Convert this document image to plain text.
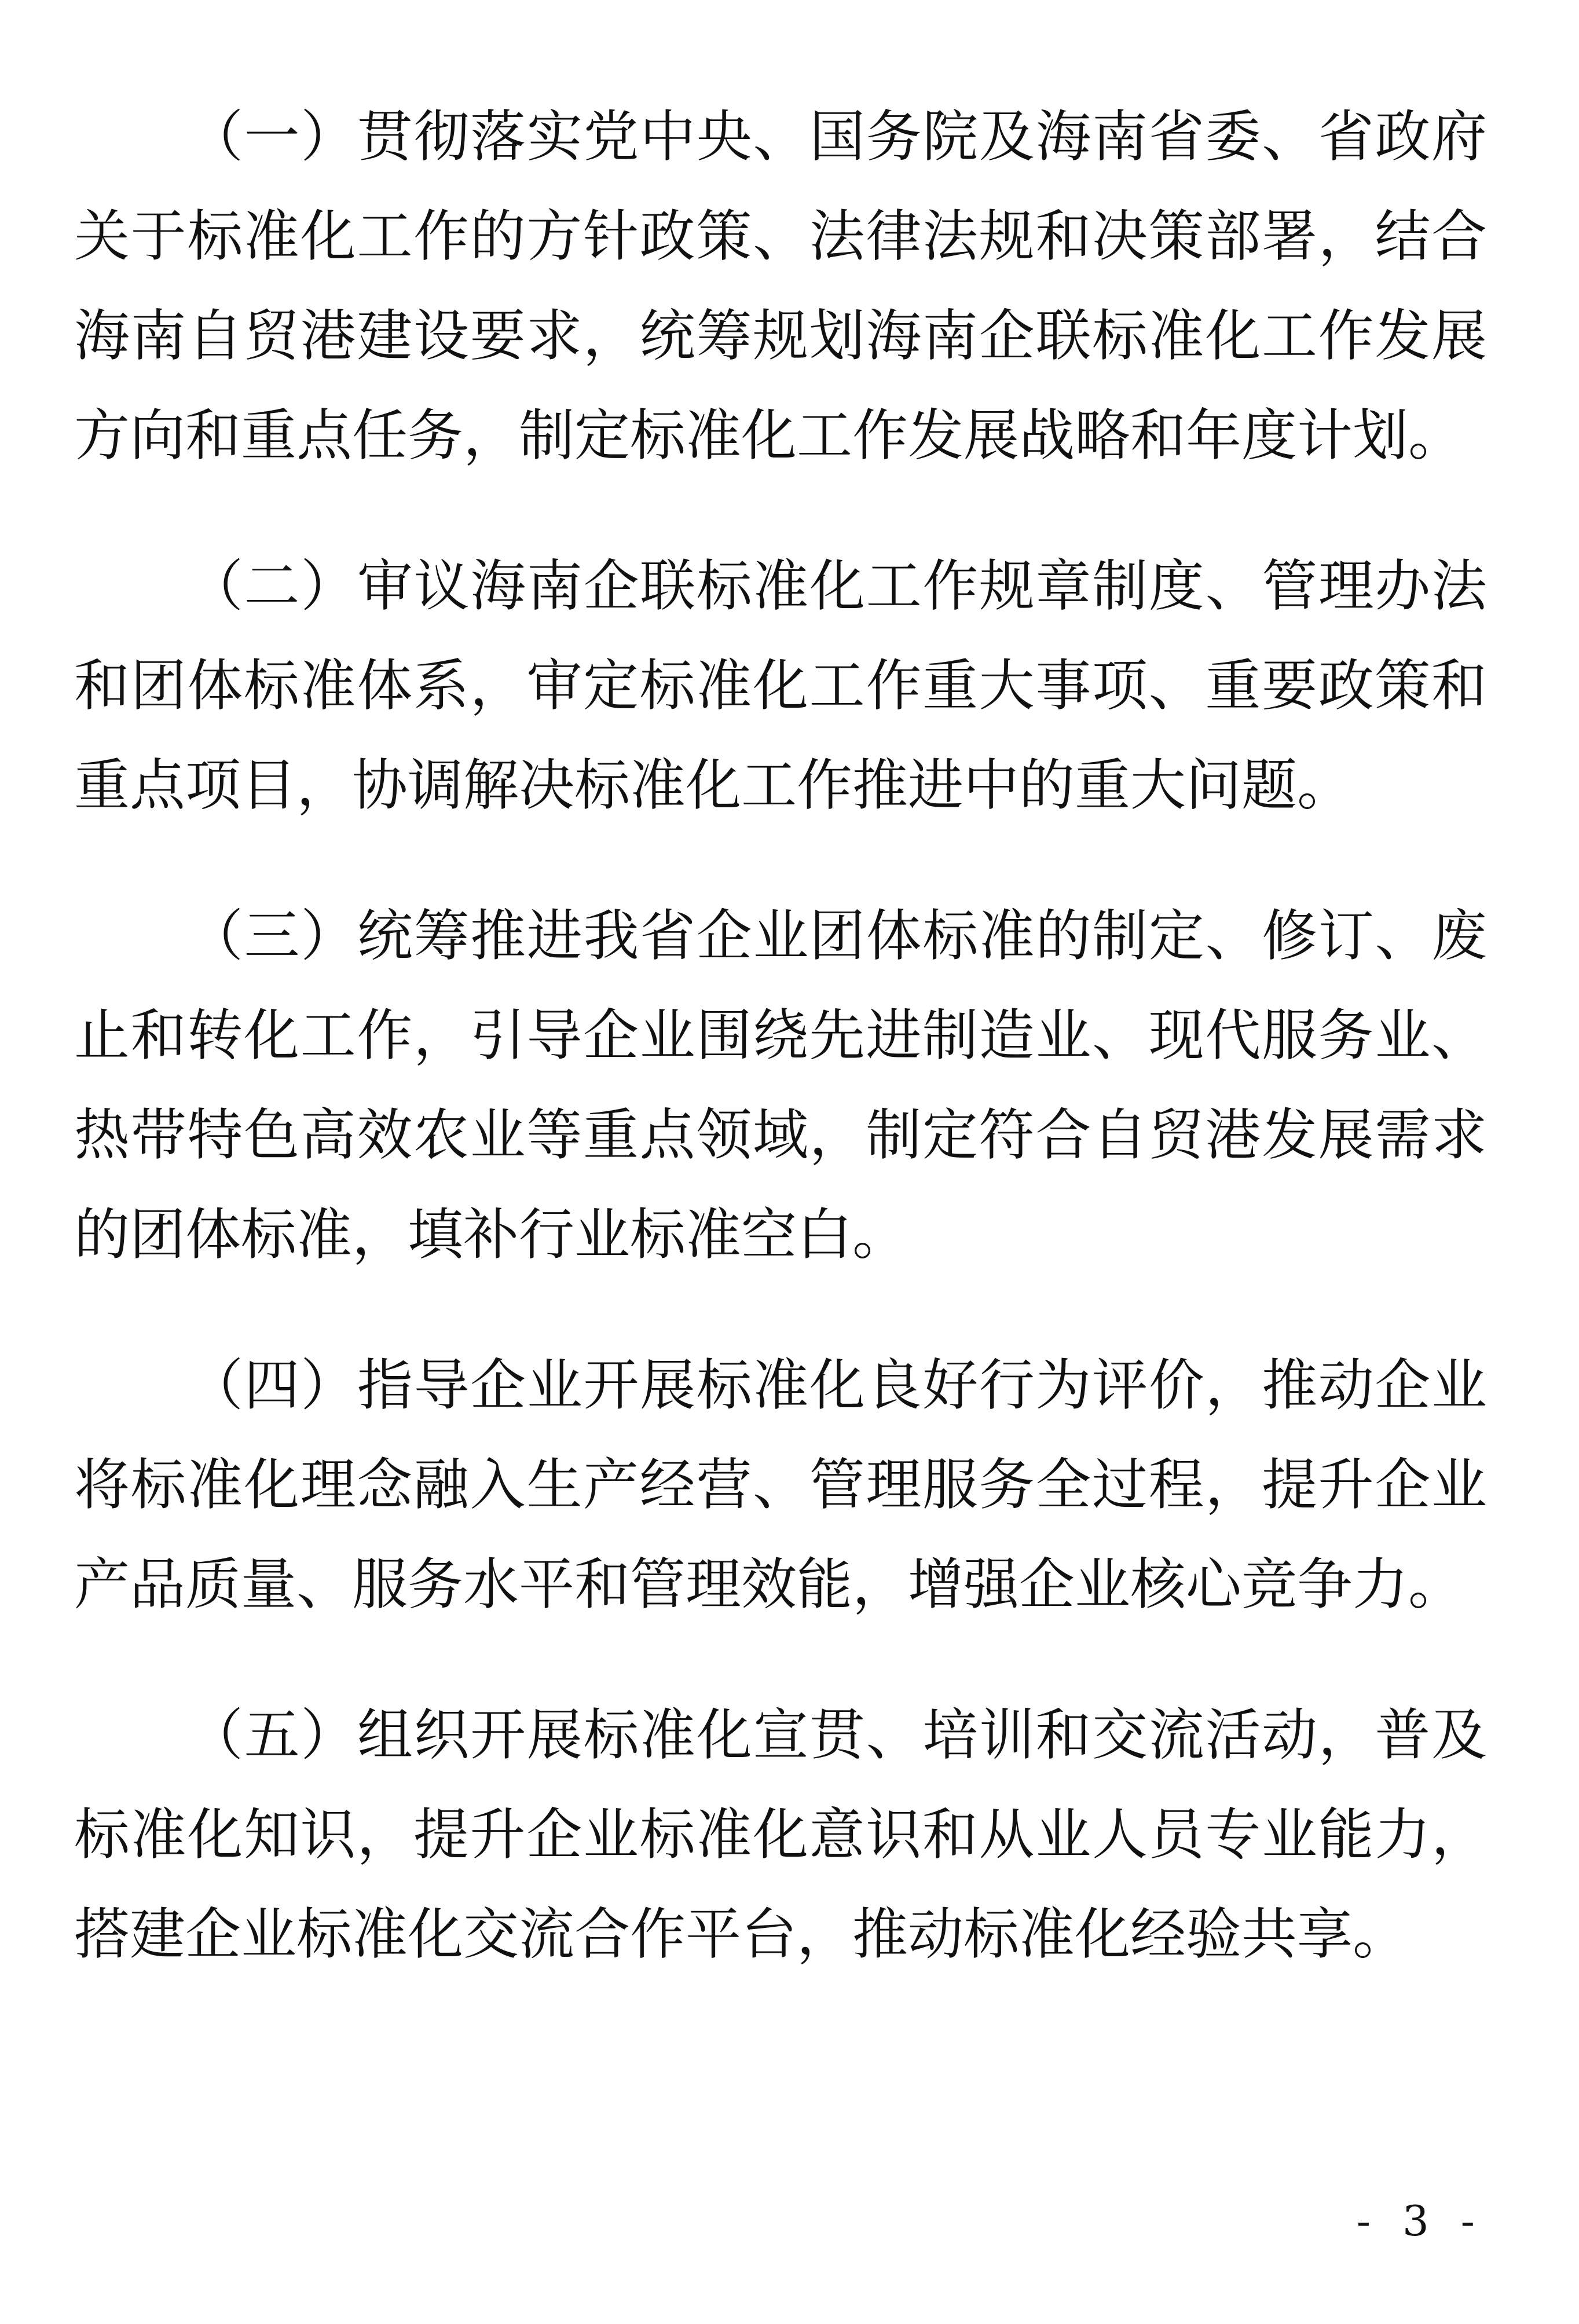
（一）贯彻落实党中央、国务院及海南省委、省政府关于标准化工作的方针政策、法律法规和决策部署，结合海南自贸港建设要求，统筹规划海南企联标准化工作发展方向和重点任务，制定标准化工作发展战略和年度计划。

（二）审议海南企联标准化工作规章制度、管理办法和团体标准体系，审定标准化工作重大事项、重要政策和重点项目，协调解决标准化工作推进中的重大问题。

（三）统筹推进我省企业团体标准的制定、修订、废止和转化工作，引导企业围绕先进制造业、现代服务业、热带特色高效农业等重点领域，制定符合自贸港发展需求的团体标准，填补行业标准空白。

（四）指导企业开展标准化良好行为评价，推动企业将标准化理念融入生产经营、管理服务全过程，提升企业产品质量、服务水平和管理效能，增强企业核心竞争力。

（五）组织开展标准化宣贯、培训和交流活动，普及标准化知识，提升企业标准化意识和从业人员专业能力，搭建企业标准化交流合作平台，推动标准化经验共享。

- 3 -
